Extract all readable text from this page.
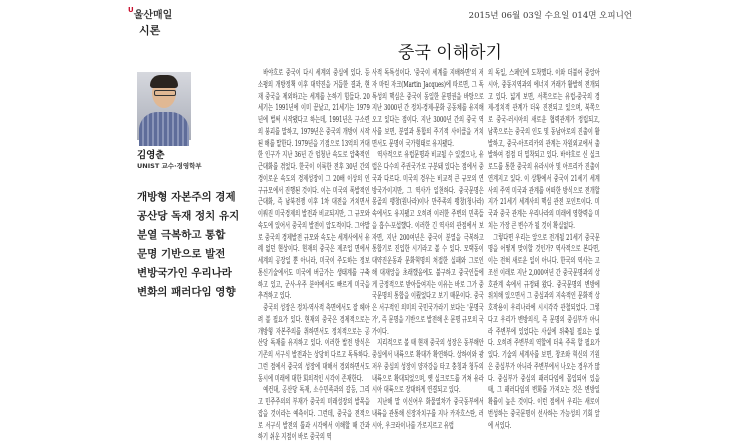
$^U$울산매일
시론
2015년 06월 03일 수요일 014면 오피니언
중국 이해하기
김영춘
UNIST 교수·경영학부
개방형 자본주의 경제
공산당 독재 정치 유지
분열 극복하고 통합
문명 기반으로 발전
변방국가인 우리나라
변화의 패러다임 영향

바야흐로 중국이 다시 세계의 중심에 있다. 등소평의 개방정책 이후 대약진을 거듭한 결과, 현재 중국을 제외하고는 세계를 논하기 힘들다. 20세기는 1991년에 이미 끝났고, 21세기는 1979년에 벌써 시작됐다고 하는데, 1991년은 구소련의 붕괴를 말하고, 1979년은 중국의 개방이 시작된 해를 말한다. 1979년을 기점으로 13억의 거대한 인구가 지난 36년 간 엄청난 속도로 압축적인 근대화를 겪었다. 한국이 이룩한 전후 30년 간의 경이로운 속도의 경제성장이 그 20배 이상의 인구규모에서 진행된 것이다. 이는 미국의 폭발적인 근대화, 즉 남북전쟁 이후 1차 대전을 거치면서 이뤄진 미국경제의 발전과 비교되지만, 그 규모와 속도에 있어서 중국의 발전이 압도적이다. 그야말로 중국의 경제발전 규모와 속도는 세계사에서 유례 없던 현상이다. 현재의 중국은 제조업 면에서 세계의 공장일 뿐 아니라, 미국이 주도하는 정보통신기술에서도 미국에 버금가는 생태계를 구축하고 있고, 군사-우주 분야에서도 빠르게 미국을 추격하고 있다.

중국의 성장은 정치-역사적 측면에서도 잘 헤아려 볼 필요가 있다. 현재의 중국은 경제적으로는 개방형 자본주의를 취하면서도 정치적으로는 공산당 독재를 유지하고 있다. 이러한 발전 방식은 기존의 서구식 발전과는 상당히 다르고 독특하다. 그런 점에서 중국의 성장에 대해서 경외하면서도 동시에 미래에 대한 회의적인 시각이 존재한다.

예컨대, 공산당 독재, 소수민족과의 갈등, 그리고 민주주의의 부재가 중국의 미래성장의 발목을 잡을 것이라는 예측이다. 그런데, 중국을 전적으로 서구식 발전의 틀과 시각에서 이해할 때 간과하기 쉬운 지점이 바로 중국의 역

사적 독특성이다. '중국이 세계를 지배하면'의 저자 마틴 자크(Martin Jacques)에 따르면, 그 독특성의 핵심은 중국이 동일한 문명권을 바탕으로 지난 3000년 간 정치-경제-문화 공동체를 유지해오고 있다는 점이다. 지난 3000년 간의 중국 역사를 보면, 분열과 통합의 주기적 사이클을 거치면서도 문명이 국가형태로 유지됐다.

역사적으로 유럽문명과 비교될 수 있겠으나, 유럽은 다수의 주권국가로 구분돼 있다는 점에서 중국과 다르다. 미국의 경우는 비교적 큰 규모의 연방국가이지만, 그 역사가 일천하다. 중국문명은 몽골의 팽창(원나라)이나 만주족의 팽창(청나라) 속에서도 유지됐고 오히려 이러한 주변의 민족들을 흡수-포섭했다. 이러한 긴 역사의 관점에서 보자면, 지난 200여년은 중국이 분열을 극복하고 통합기로 진입한 시기라고 볼 수 있다. 모택동이 대약진운동과 문화혁명의 처절한 실패와 그로인해 대재앙을 초래했음에도 불구하고 중국인들에게 긍정적으로 받아들여지는 이유는 바로 그가 중국문명의 통합을 이뤘었다고 보기 때문이다. 중국은 서구적인 의미의 국민국가라기 보다는 '문명국가', 즉 문명을 기반으로 발전해 온 문명 규모의 국가이다.

지리적으로 볼 때 현재 중국의 성장은 동부해안 중심에서 내륙으로 확대가 확연하다. 상하이와 광저우 중심의 성장이 양자강을 타고 충칭과 청두의 내륙으로 확대되었으며, 옛 실크로드를 거쳐 유라시아 대륙으로 장대하게 연결되고 있다.

지난해 말 이신어우 화물열차가 중국동부에서 내륙을 관통해 신장자치구를 지나 카자흐스탄, 러시아, 우크라이나를 가로지르고 유럽

의 독일, 스페인에 도착했다. 이와 더불어 중앙아시아, 중동지역과의 에너지 거래가 활발히 전개되고 있다. 넓게 보면, 서쪽으로는 유럽-중국의 경제-정치적 관계가 더욱 진전되고 있으며, 북쪽으로 중국-러시아의 새로운 협력관계가 정립되고, 남쪽으로는 중국의 인도 및 동남아로의 진출이 활발하고, 중국-아프리카의 관계는 자원외교에서 출발하여 점점 더 밀착되고 있다. 바야흐로 신 실크로드를 통한 중국의 유라시아 및 아프리카 진출이 연계지고 있다. 이 상황에서 중국이 21세기 세계사의 주역 미국과 관계를 어떠한 방식으로 전개할 지가 21세기 세계사의 핵심 관전 포인트이다. 미국과 중국 관계는 우리나라의 미래에 영향력을 미치는 가장 큰 변수가 될 것이 확실없다.

그렇다면 우리는 앞으로 전개될 21세기 중국문명을 어떻게 맞이할 것인가? 역사적으로 본다면, 이는 전혀 새로운 일이 아니다. 한국의 역사는 고조선 이래로 지난 2,000여년 간 중국문명과의 상호관계 속에서 규정돼 왔다. 중국문명의 변방에 위치해 있으면서 그 중심과의 지속적인 문화적 상호작용이 우리나라에 시시각각 관철되었다. 그렇다고 우리가 변방의식, 즉 문명의 중심부가 아니라 주변부에 있었다는 사실에 위축될 필요는 없다. 오히려 주변부의 역할에 더욱 주목 할 필요가 있다. 기술의 세계사를 보면, 창조와 혁신의 기원은 중심부가 아니라 주변부에서 나오는 경우가 많다. 중심부가 중심의 패러다임에 몰입되어 있을 때, 그 패러다임의 변화를 가져오는 것은 변방일 확률이 높은 것이다. 이런 점에서 우리는 새로이 번성하는 중국문명이 선사하는 가능성의 기회 앞에 서있다.
